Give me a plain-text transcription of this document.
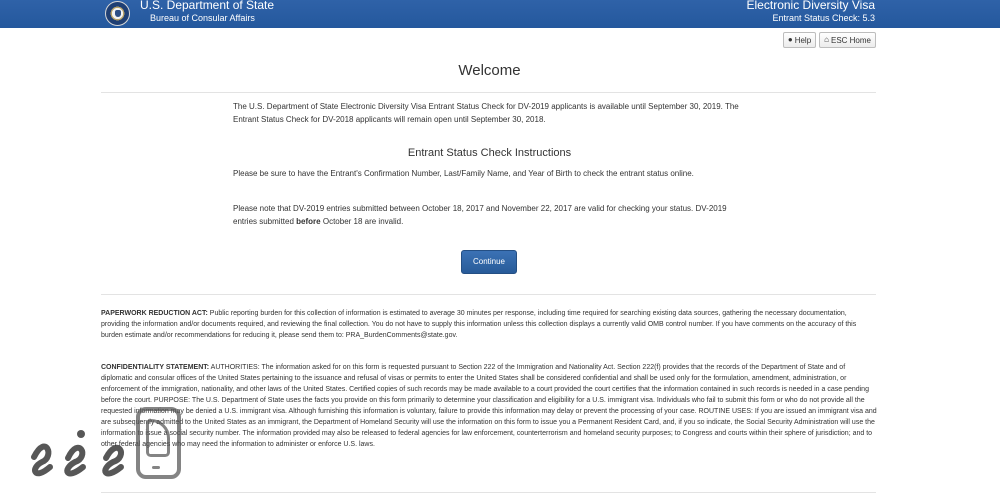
U.S. Department of State
Bureau of Consular Affairs
Electronic Diversity Visa
Entrant Status Check: 5.3
● Help ⌂ ESC Home
Welcome
The U.S. Department of State Electronic Diversity Visa Entrant Status Check for DV-2019 applicants is available until September 30, 2019. The Entrant Status Check for DV-2018 applicants will remain open until September 30, 2018.
Entrant Status Check Instructions
Please be sure to have the Entrant's Confirmation Number, Last/Family Name, and Year of Birth to check the entrant status online.
Please note that DV-2019 entries submitted between October 18, 2017 and November 22, 2017 are valid for checking your status. DV-2019 entries submitted before October 18 are invalid.
Continue
PAPERWORK REDUCTION ACT: Public reporting burden for this collection of information is estimated to average 30 minutes per response, including time required for searching existing data sources, gathering the necessary documentation, providing the information and/or documents required, and reviewing the final collection. You do not have to supply this information unless this collection displays a currently valid OMB control number. If you have comments on the accuracy of this burden estimate and/or recommendations for reducing it, please send them to: PRA_BurdenComments@state.gov.
CONFIDENTIALITY STATEMENT: AUTHORITIES: The information asked for on this form is requested pursuant to Section 222 of the Immigration and Nationality Act. Section 222(f) provides that the records of the Department of State and of diplomatic and consular offices of the United States pertaining to the issuance and refusal of visas or permits to enter the United States shall be considered confidential and shall be used only for the formulation, amendment, administration, or enforcement of the immigration, nationality, and other laws of the United States. Certified copies of such records may be made available to a court provided the court certifies that the information contained in such records is needed in a case pending before the court. PURPOSE: The U.S. Department of State uses the facts you provide on this form primarily to determine your classification and eligibility for a U.S. immigrant visa. Individuals who fail to submit this form or who do not provide all the requested information may be denied a U.S. immigrant visa. Although furnishing this information is voluntary, failure to provide this information may delay or prevent the processing of your case. ROUTINE USES: If you are issued an immigrant visa and are subsequently admitted to the United States as an immigrant, the Department of Homeland Security will use the information on this form to issue you a Permanent Resident Card, and, if you so indicate, the Social Security Administration will use the information to issue a social security number. The information provided may also be released to federal agencies for law enforcement, counterterrorism and homeland security purposes; to Congress and courts within their sphere of jurisdiction; and to other federal agencies who may need the information to administer or enforce U.S. laws.
